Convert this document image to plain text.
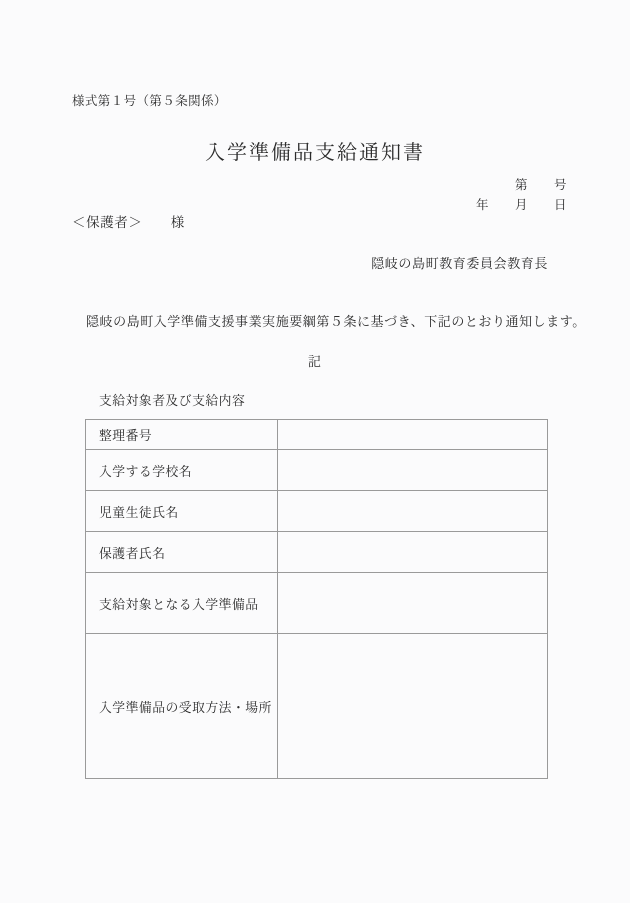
様式第１号（第５条関係）
入学準備品支給通知書
第　　号
年　　月　　日
＜保護者＞　　様
隠岐の島町教育委員会教育長
隠岐の島町入学準備支援事業実施要綱第５条に基づき、下記のとおり通知します。
記
支給対象者及び支給内容
整理番号	
入学する学校名	
児童生徒氏名	
保護者氏名	
支給対象となる入学準備品	
入学準備品の受取方法・場所	
